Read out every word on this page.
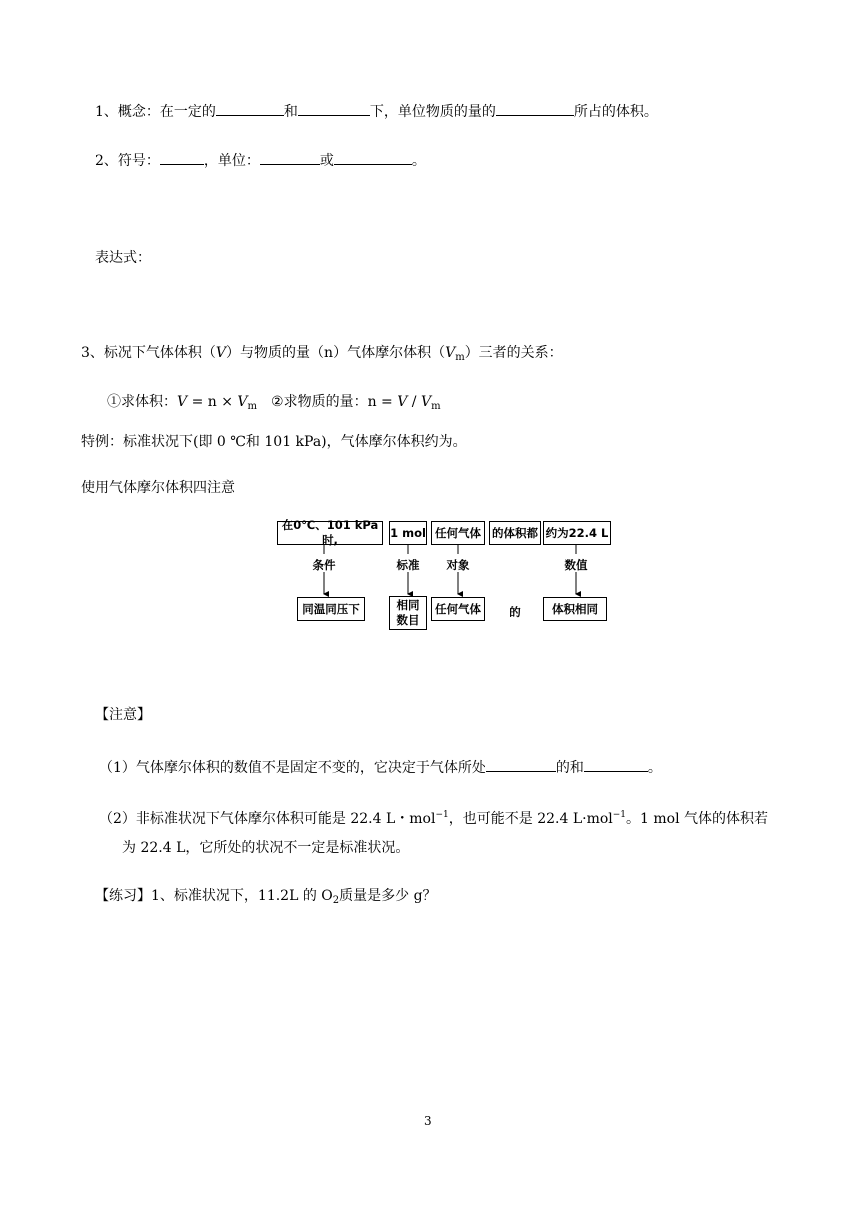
1、概念：在一定的	和	下，单位物质的量的	所占的体积。
2、符号：	，单位：	或	。
表达式：
3、标况下气体体积（V）与物质的量（n）气体摩尔体积$(V_m)$三者的关系：
①求体积：$V = n \times V_m$ ②求物质的量：$n = V / V_m$
特例：标准状况下(即 0 ℃和 101 kPa)，气体摩尔体积约为。
使用气体摩尔体积四注意
在0℃、101 kPa时,
1 mol 任何气体 的体积都 约为22.4 L
条件	标准	对象	数值
同温同压下	相同
数目
任何气体	的	体积相同
【注意】
（1）气体摩尔体积的数值不是固定不变的，它决定于气体所处	的和	。
（2）非标准状况下气体摩尔体积可能是 22.4 L・mol$^{-1}$，也可能不是 22.4 L·mol$^{-1}$。1 mol 气体的体积若
为 22.4 L，它所处的状况不一定是标准状况。
【练习】1、标准状况下，11.2L 的 $O_2$质量是多少 g？
3
